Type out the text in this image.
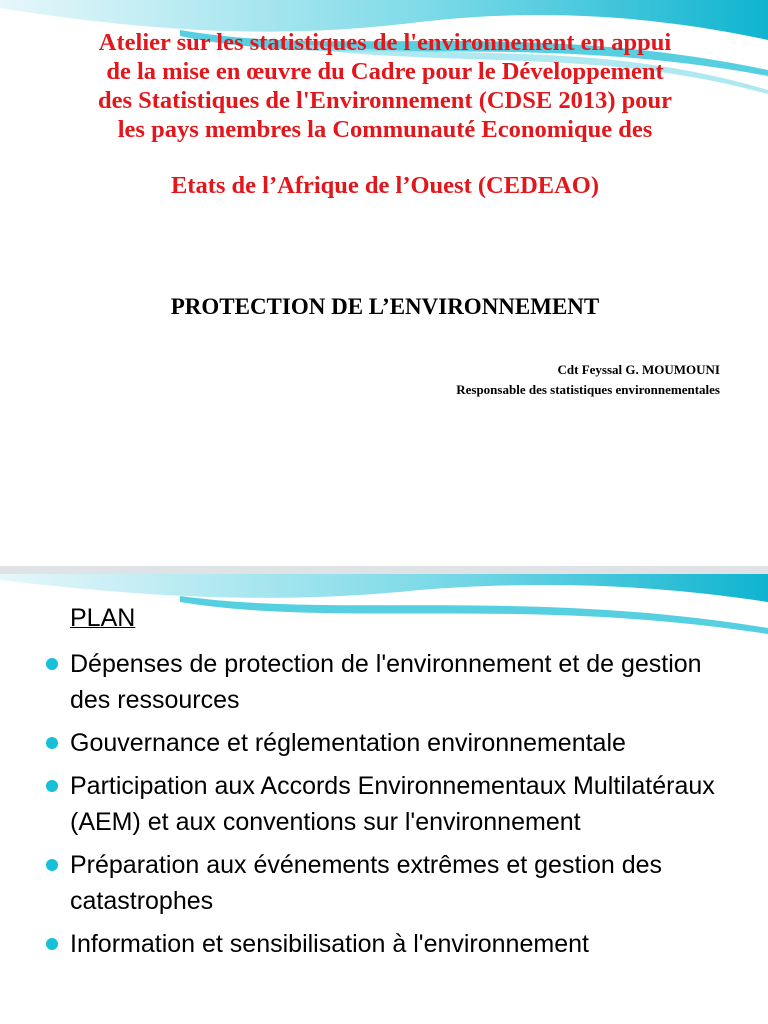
Atelier sur les statistiques de l'environnement en appui
de la mise en œuvre du Cadre pour le Développement
des Statistiques de l'Environnement (CDSE 2013) pour
les pays membres la Communauté Economique des
Etats de l’Afrique de l’Ouest (CEDEAO)
PROTECTION DE L’ENVIRONNEMENT
Cdt Feyssal G. MOUMOUNI
Responsable des statistiques environnementales
PLAN
Dépenses de protection de l'environnement et de gestion des ressources
Gouvernance et réglementation environnementale
Participation aux Accords Environnementaux Multilatéraux (AEM) et aux conventions sur l'environnement
Préparation aux événements extrêmes et gestion des catastrophes
Information et sensibilisation à l'environnement
